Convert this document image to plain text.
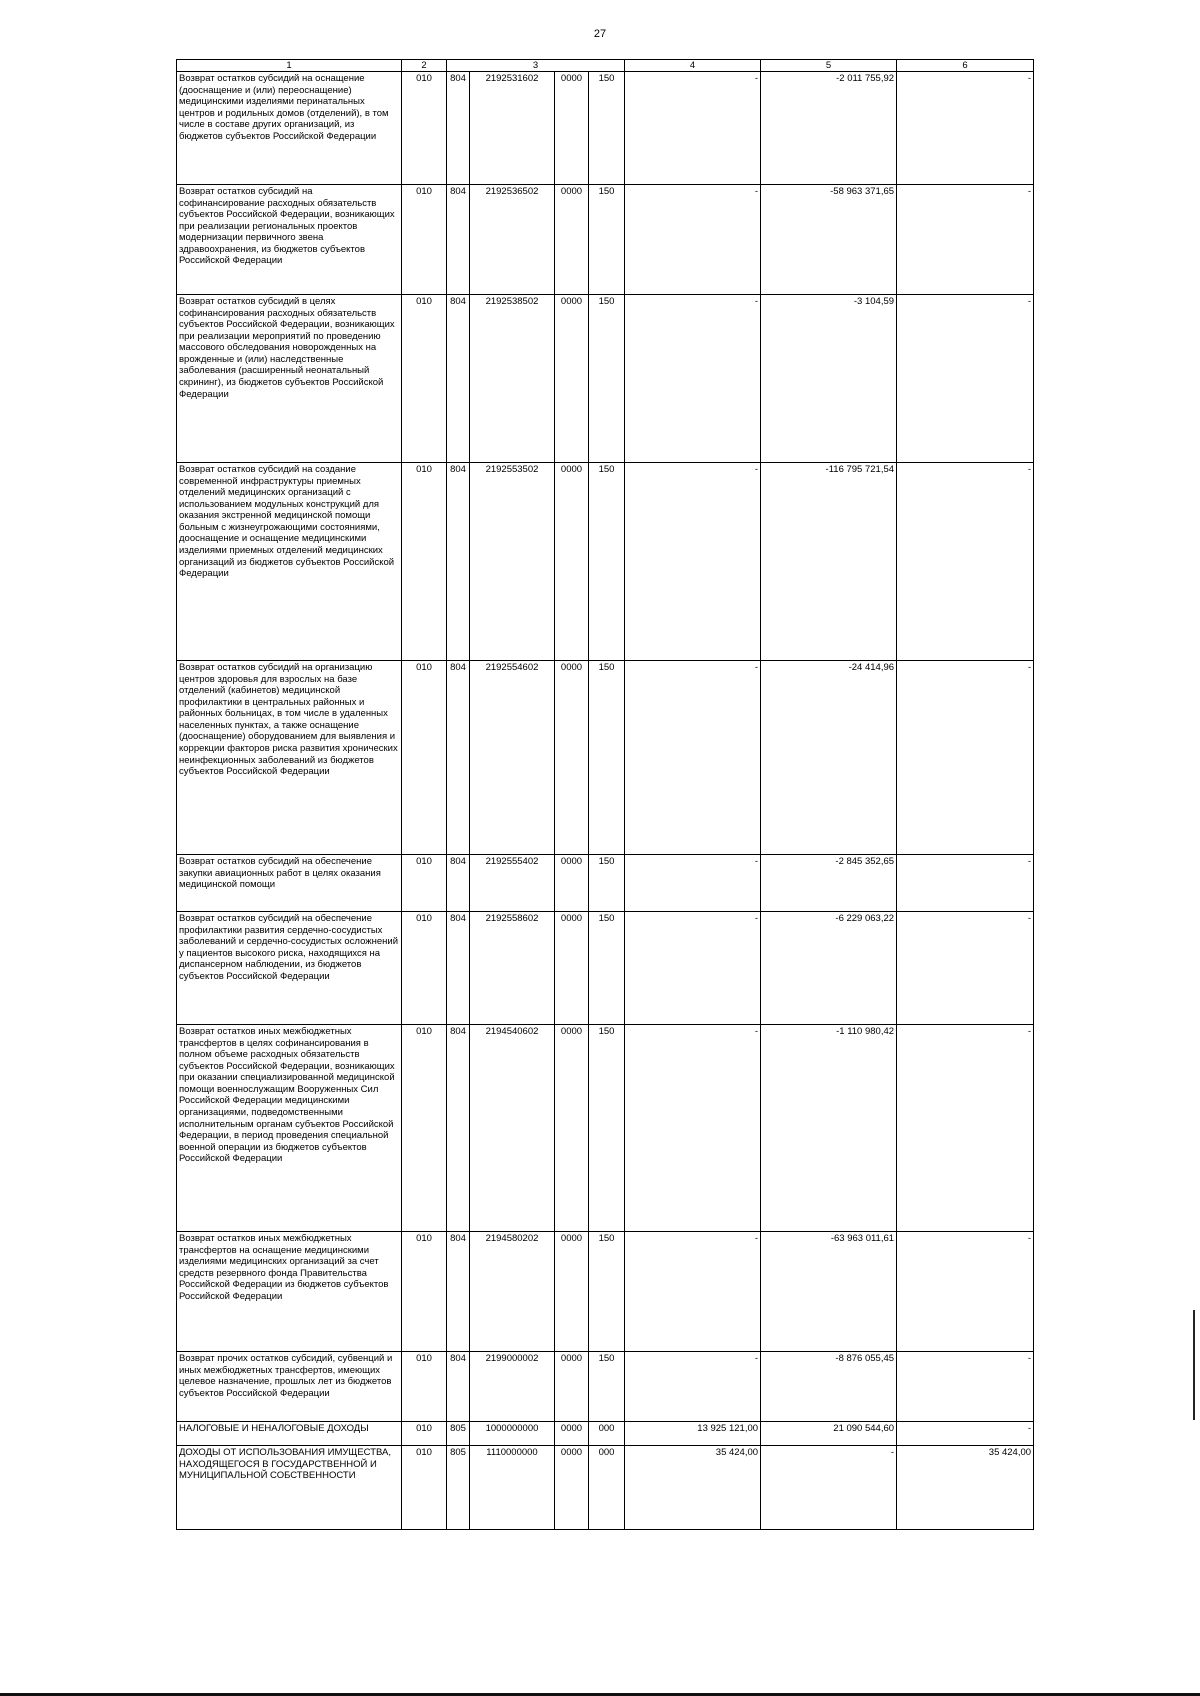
27
1	2	3				4	5	6
Возврат остатков субсидий на оснащение (дооснащение и (или) переоснащение) медицинскими изделиями перинатальных центров и родильных домов (отделений), в том числе в составе других организаций, из бюджетов субъектов Российской Федерации	010	804	2192531602	0000	150	-	-2 011 755,92	-
Возврат остатков субсидий на софинансирование расходных обязательств субъектов Российской Федерации, возникающих при реализации региональных проектов модернизации первичного звена здравоохранения, из бюджетов субъектов Российской Федерации	010	804	2192536502	0000	150	-	-58 963 371,65	-
Возврат остатков субсидий в целях софинансирования расходных обязательств субъектов Российской Федерации, возникающих при реализации мероприятий по проведению массового обследования новорожденных на врожденные и (или) наследственные заболевания (расширенный неонатальный скрининг), из бюджетов субъектов Российской Федерации	010	804	2192538502	0000	150	-	-3 104,59	-
Возврат остатков субсидий на создание современной инфраструктуры приемных отделений медицинских организаций с использованием модульных конструкций для оказания экстренной медицинской помощи больным с жизнеугрожающими состояниями, дооснащение и оснащение медицинскими изделиями приемных отделений медицинских организаций из бюджетов субъектов Российской Федерации	010	804	2192553502	0000	150	-	-116 795 721,54	-
Возврат остатков субсидий на организацию центров здоровья для взрослых на базе отделений (кабинетов) медицинской профилактики в центральных районных и районных больницах, в том числе в удаленных населенных пунктах, а также оснащение (дооснащение) оборудованием для выявления и коррекции факторов риска развития хронических неинфекционных заболеваний из бюджетов субъектов Российской Федерации	010	804	2192554602	0000	150	-	-24 414,96	-
Возврат остатков субсидий на обеспечение закупки авиационных работ в целях оказания медицинской помощи	010	804	2192555402	0000	150	-	-2 845 352,65	-
Возврат остатков субсидий на обеспечение профилактики развития сердечно-сосудистых заболеваний и сердечно-сосудистых осложнений у пациентов высокого риска, находящихся на диспансерном наблюдении, из бюджетов субъектов Российской Федерации	010	804	2192558602	0000	150	-	-6 229 063,22	-
Возврат остатков иных межбюджетных трансфертов в целях софинансирования в полном объеме расходных обязательств субъектов Российской Федерации, возникающих при оказании специализированной медицинской помощи военнослужащим Вооруженных Сил Российской Федерации медицинскими организациями, подведомственными исполнительным органам субъектов Российской Федерации, в период проведения специальной военной операции из бюджетов субъектов Российской Федерации	010	804	2194540602	0000	150	-	-1 110 980,42	-
Возврат остатков иных межбюджетных трансфертов на оснащение медицинскими изделиями медицинских организаций за счет средств резервного фонда Правительства Российской Федерации из бюджетов субъектов Российской Федерации	010	804	2194580202	0000	150	-	-63 963 011,61	-
Возврат прочих остатков субсидий, субвенций и иных межбюджетных трансфертов, имеющих целевое назначение, прошлых лет из бюджетов субъектов Российской Федерации	010	804	2199000002	0000	150	-	-8 876 055,45	-
НАЛОГОВЫЕ И НЕНАЛОГОВЫЕ ДОХОДЫ	010	805	1000000000	0000	000	13 925 121,00	21 090 544,60	-
ДОХОДЫ ОТ ИСПОЛЬЗОВАНИЯ ИМУЩЕСТВА, НАХОДЯЩЕГОСЯ В ГОСУДАРСТВЕННОЙ И МУНИЦИПАЛЬНОЙ СОБСТВЕННОСТИ	010	805	1110000000	0000	000	35 424,00	-	35 424,00
